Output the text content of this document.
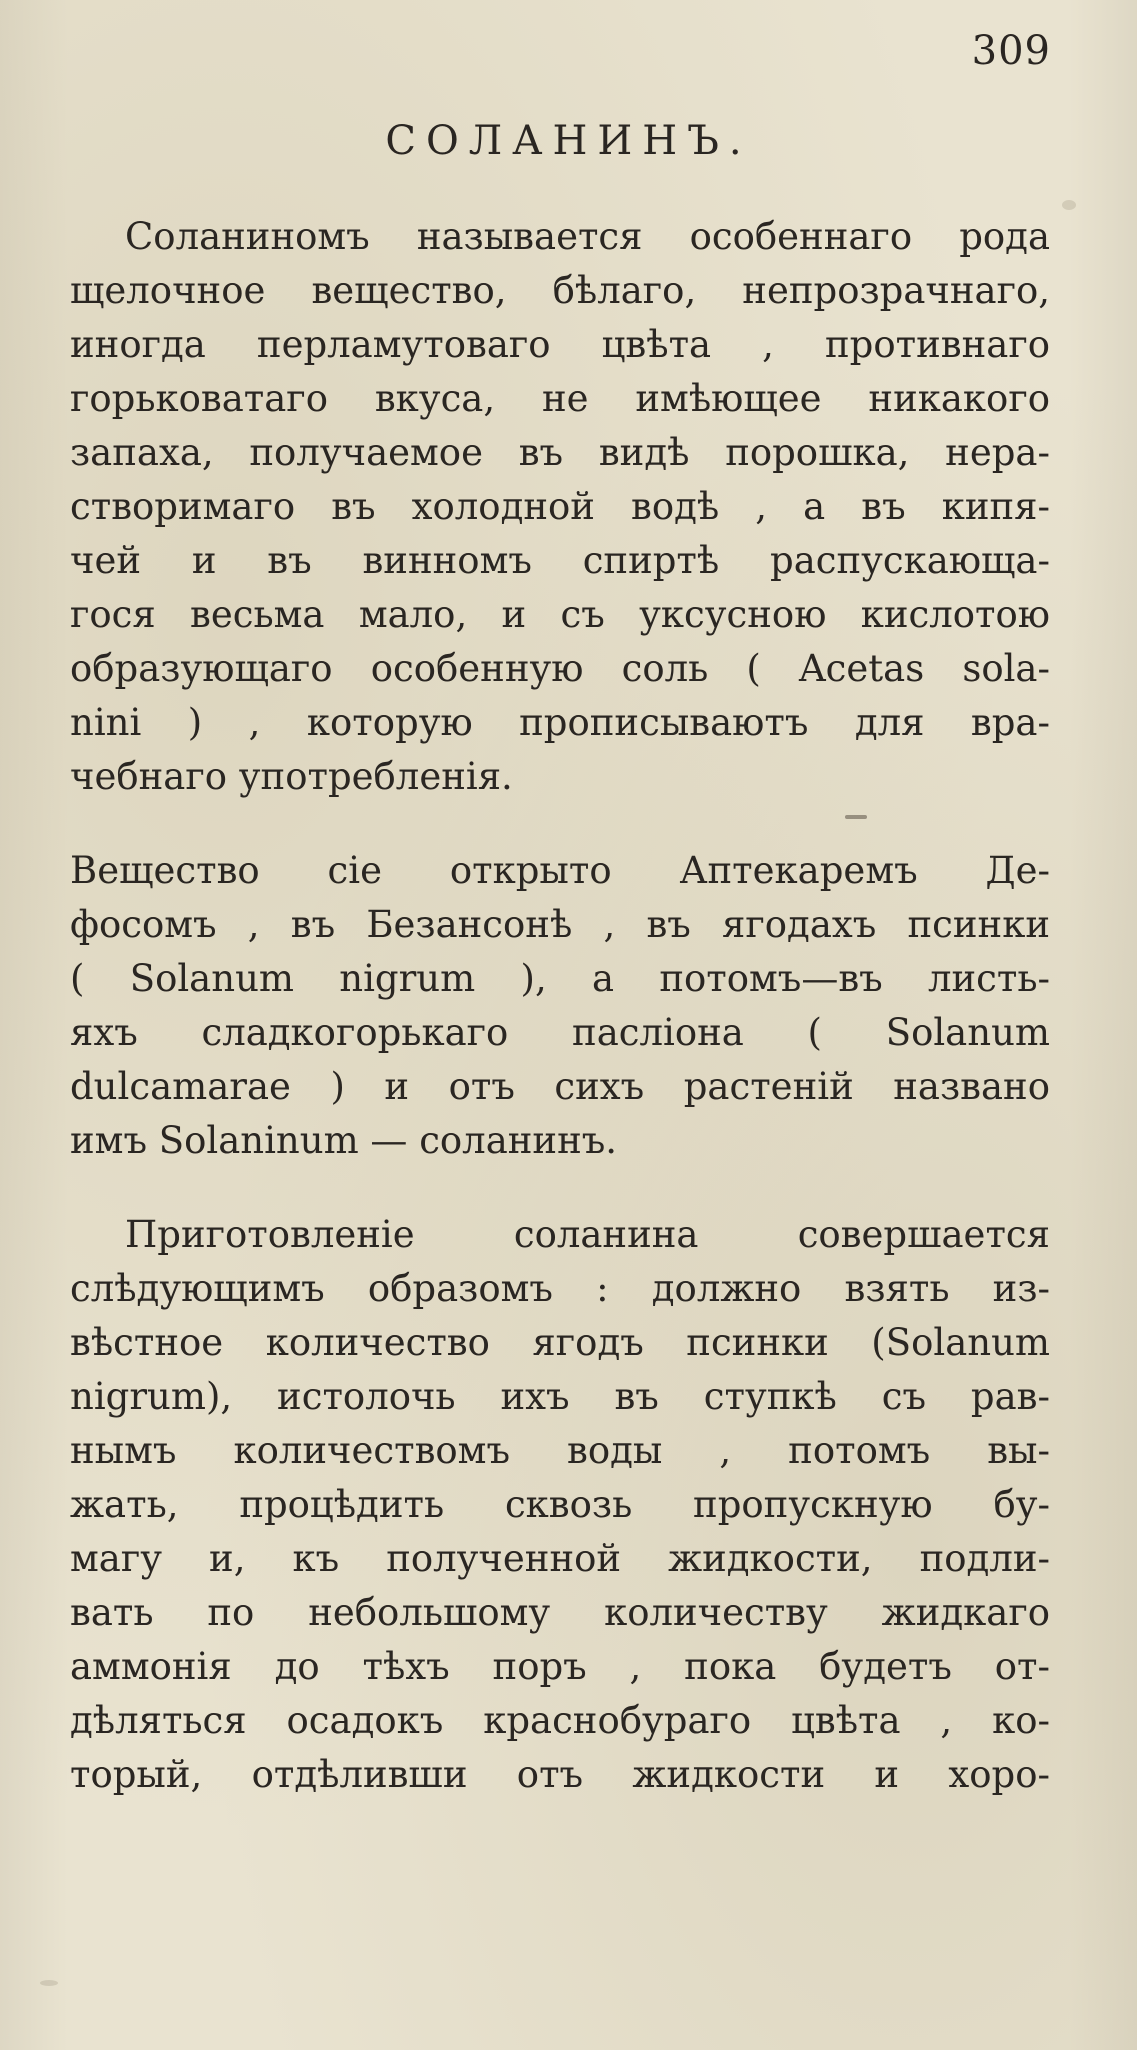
309
СОЛАНИНЪ.
Соланиномъ называется особеннаго рода
щелочное вещество, бѣлаго, непрозрачнаго,
иногда перламутоваго цвѣта , противнаго
горьковатаго вкуса, не имѣющее никакого
запаха, получаемое въ видѣ порошка, нера-
створимаго въ холодной водѣ , а въ кипя-
чей и въ винномъ спиртѣ распускающа-
гося весьма мало, и съ уксусною кислотою
образующаго особенную соль ( Acetas sola-
nini ) , которую прописываютъ для вра-
чебнаго употребленія.
Вещество сіе открыто Аптекаремъ Де-
фосомъ , въ Безансонѣ , въ ягодахъ псинки
( Solanum nigrum ), а потомъ—въ листь-
яхъ сладкогорькаго пасліона ( Solanum
dulcamarae ) и отъ сихъ растеній названо
имъ Solaninum — соланинъ.
Приготовленіе соланина совершается
слѣдующимъ образомъ : должно взять из-
вѣстное количество ягодъ псинки (Solanum
nigrum), истолочь ихъ въ ступкѣ съ рав-
нымъ количествомъ воды , потомъ вы-
жать, процѣдить сквозь пропускную бу-
магу и, къ полученной жидкости, подли-
вать по небольшому количеству жидкаго
аммонія до тѣхъ поръ , пока будетъ от-
дѣляться осадокъ краснобураго цвѣта , ко-
торый, отдѣливши отъ жидкости и хоро-
